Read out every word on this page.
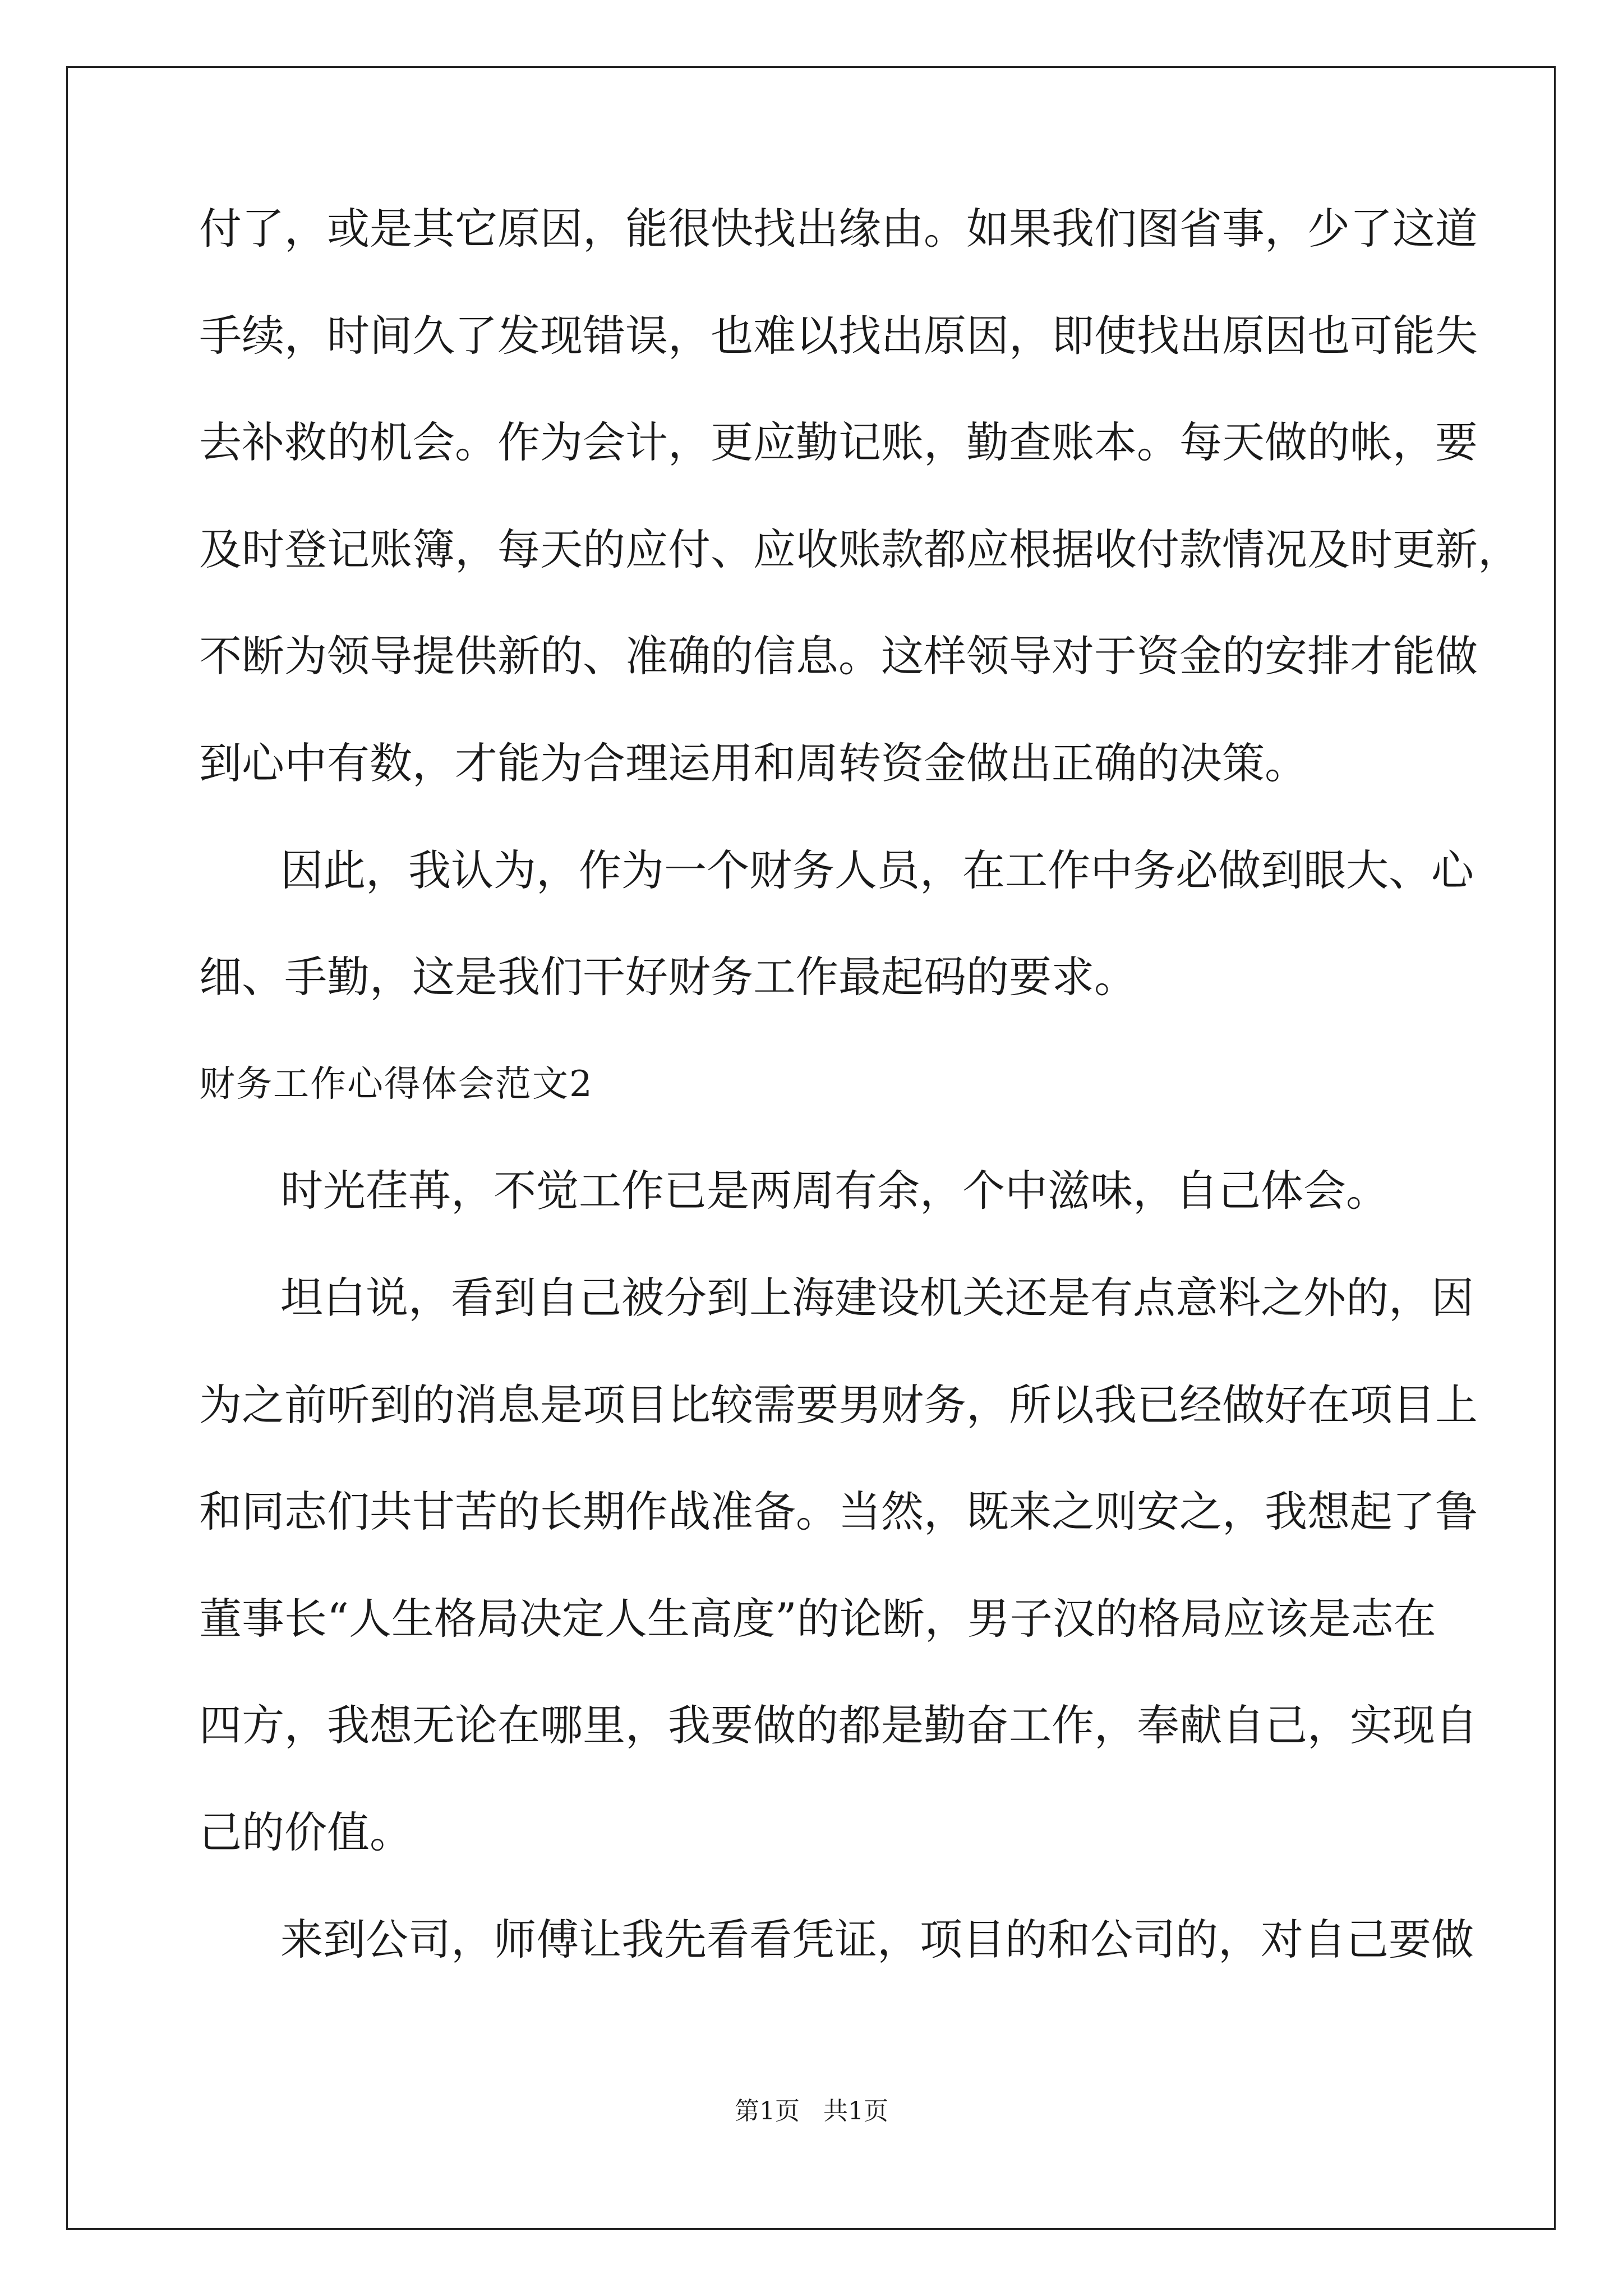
付了，或是其它原因，能很快找出缘由。如果我们图省事，少了这道
手续，时间久了发现错误，也难以找出原因，即使找出原因也可能失
去补救的机会。作为会计，更应勤记账，勤查账本。每天做的帐，要
及时登记账簿，每天的应付、应收账款都应根据收付款情况及时更新，
不断为领导提供新的、准确的信息。这样领导对于资金的安排才能做
到心中有数，才能为合理运用和周转资金做出正确的决策。
因此，我认为，作为一个财务人员，在工作中务必做到眼大、心
细、手勤，这是我们干好财务工作最起码的要求。
财务工作心得体会范文2
时光荏苒，不觉工作已是两周有余，个中滋味，自己体会。
坦白说，看到自己被分到上海建设机关还是有点意料之外的，因
为之前听到的消息是项目比较需要男财务，所以我已经做好在项目上
和同志们共甘苦的长期作战准备。当然，既来之则安之，我想起了鲁
董事长“人生格局决定人生高度”的论断，男子汉的格局应该是志在
四方，我想无论在哪里，我要做的都是勤奋工作，奉献自己，实现自
己的价值。
来到公司，师傅让我先看看凭证，项目的和公司的，对自己要做
第1页   共1页
